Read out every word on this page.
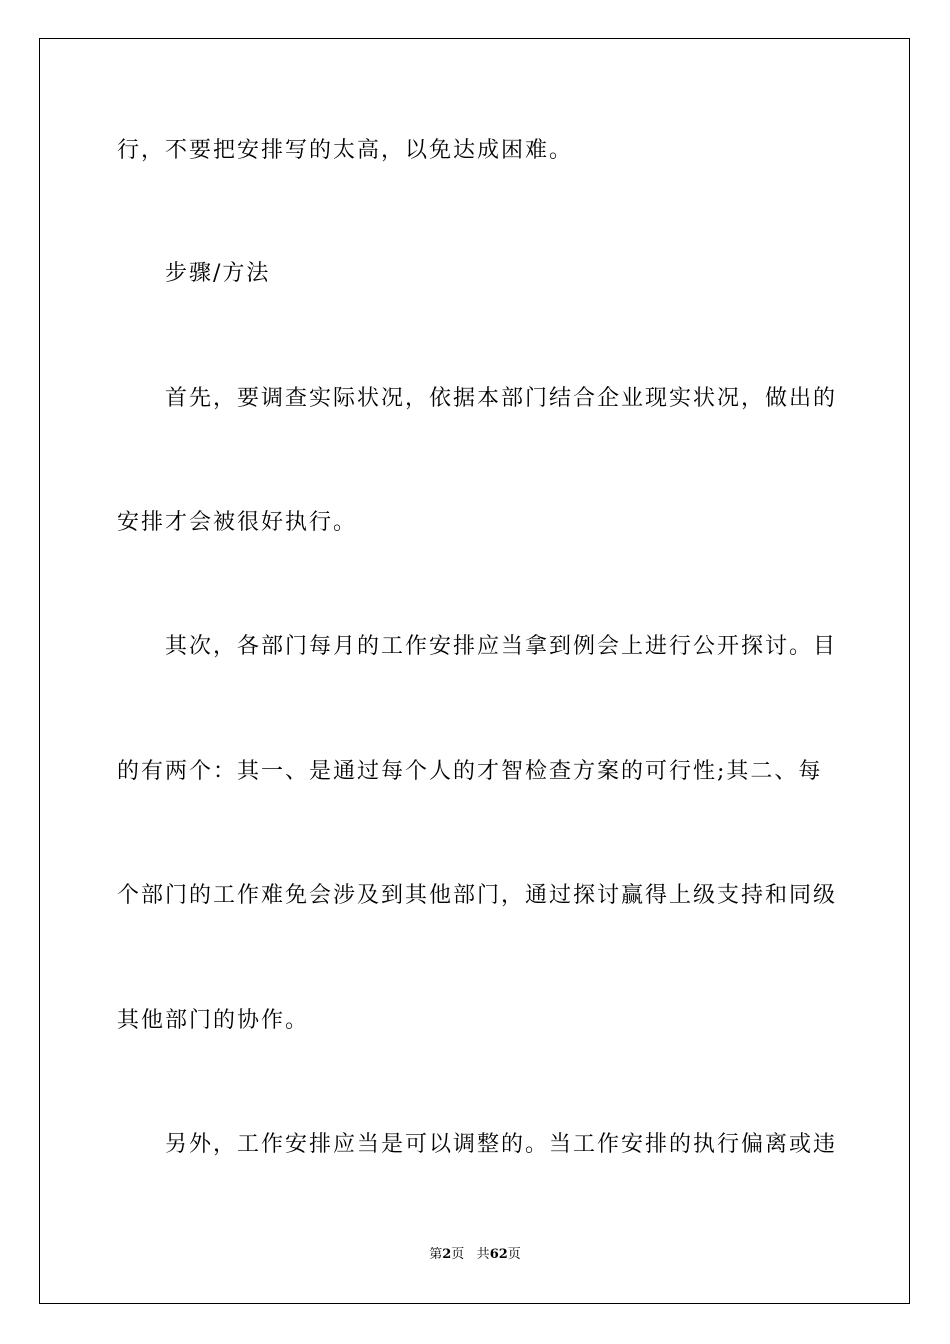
行，不要把安排写的太高，以免达成困难。
步骤/方法
首先，要调查实际状况，依据本部门结合企业现实状况，做出的
安排才会被很好执行。
其次，各部门每月的工作安排应当拿到例会上进行公开探讨。目
的有两个：其一、是通过每个人的才智检查方案的可行性;其二、每
个部门的工作难免会涉及到其他部门，通过探讨赢得上级支持和同级
其他部门的协作。
另外，工作安排应当是可以调整的。当工作安排的执行偏离或违
第2页 共62页
